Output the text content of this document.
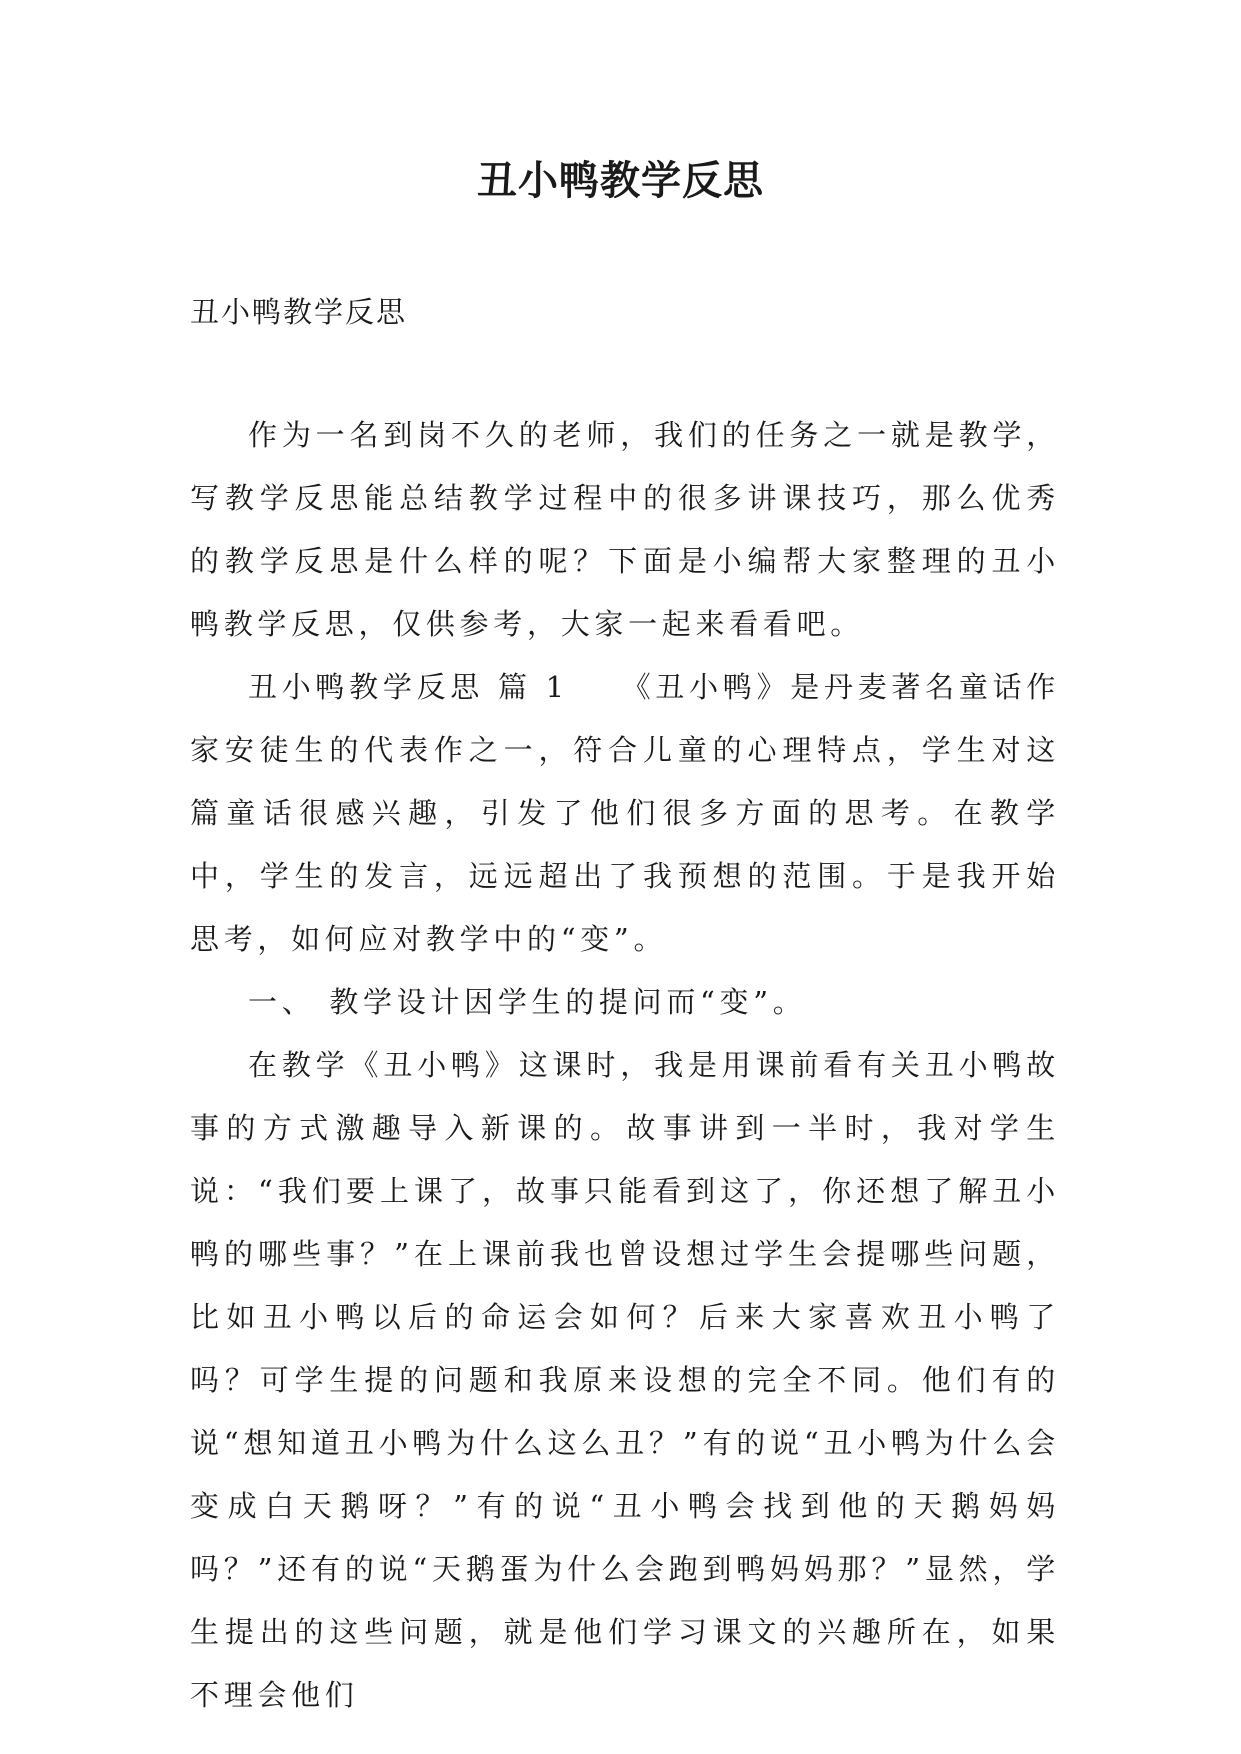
丑小鸭教学反思

丑小鸭教学反思

作为一名到岗不久的老师，我们的任务之一就是教学，写教学反思能总结教学过程中的很多讲课技巧，那么优秀的教学反思是什么样的呢？下面是小编帮大家整理的丑小鸭教学反思，仅供参考，大家一起来看看吧。

丑小鸭教学反思 篇 1　　《丑小鸭》是丹麦著名童话作家安徒生的代表作之一，符合儿童的心理特点，学生对这篇童话很感兴趣，引发了他们很多方面的思考。在教学中，学生的发言，远远超出了我预想的范围。于是我开始思考，如何应对教学中的“变”。

一、 教学设计因学生的提问而“变”。

在教学《丑小鸭》这课时，我是用课前看有关丑小鸭故事的方式激趣导入新课的。故事讲到一半时，我对学生说：“我们要上课了，故事只能看到这了，你还想了解丑小鸭的哪些事？”在上课前我也曾设想过学生会提哪些问题，比如丑小鸭以后的命运会如何？后来大家喜欢丑小鸭了吗？可学生提的问题和我原来设想的完全不同。他们有的说“想知道丑小鸭为什么这么丑？”有的说“丑小鸭为什么会变成白天鹅呀？”有的说“丑小鸭会找到他的天鹅妈妈吗？”还有的说“天鹅蛋为什么会跑到鸭妈妈那？”显然，学生提出的这些问题，就是他们学习课文的兴趣所在，如果不理会他们
